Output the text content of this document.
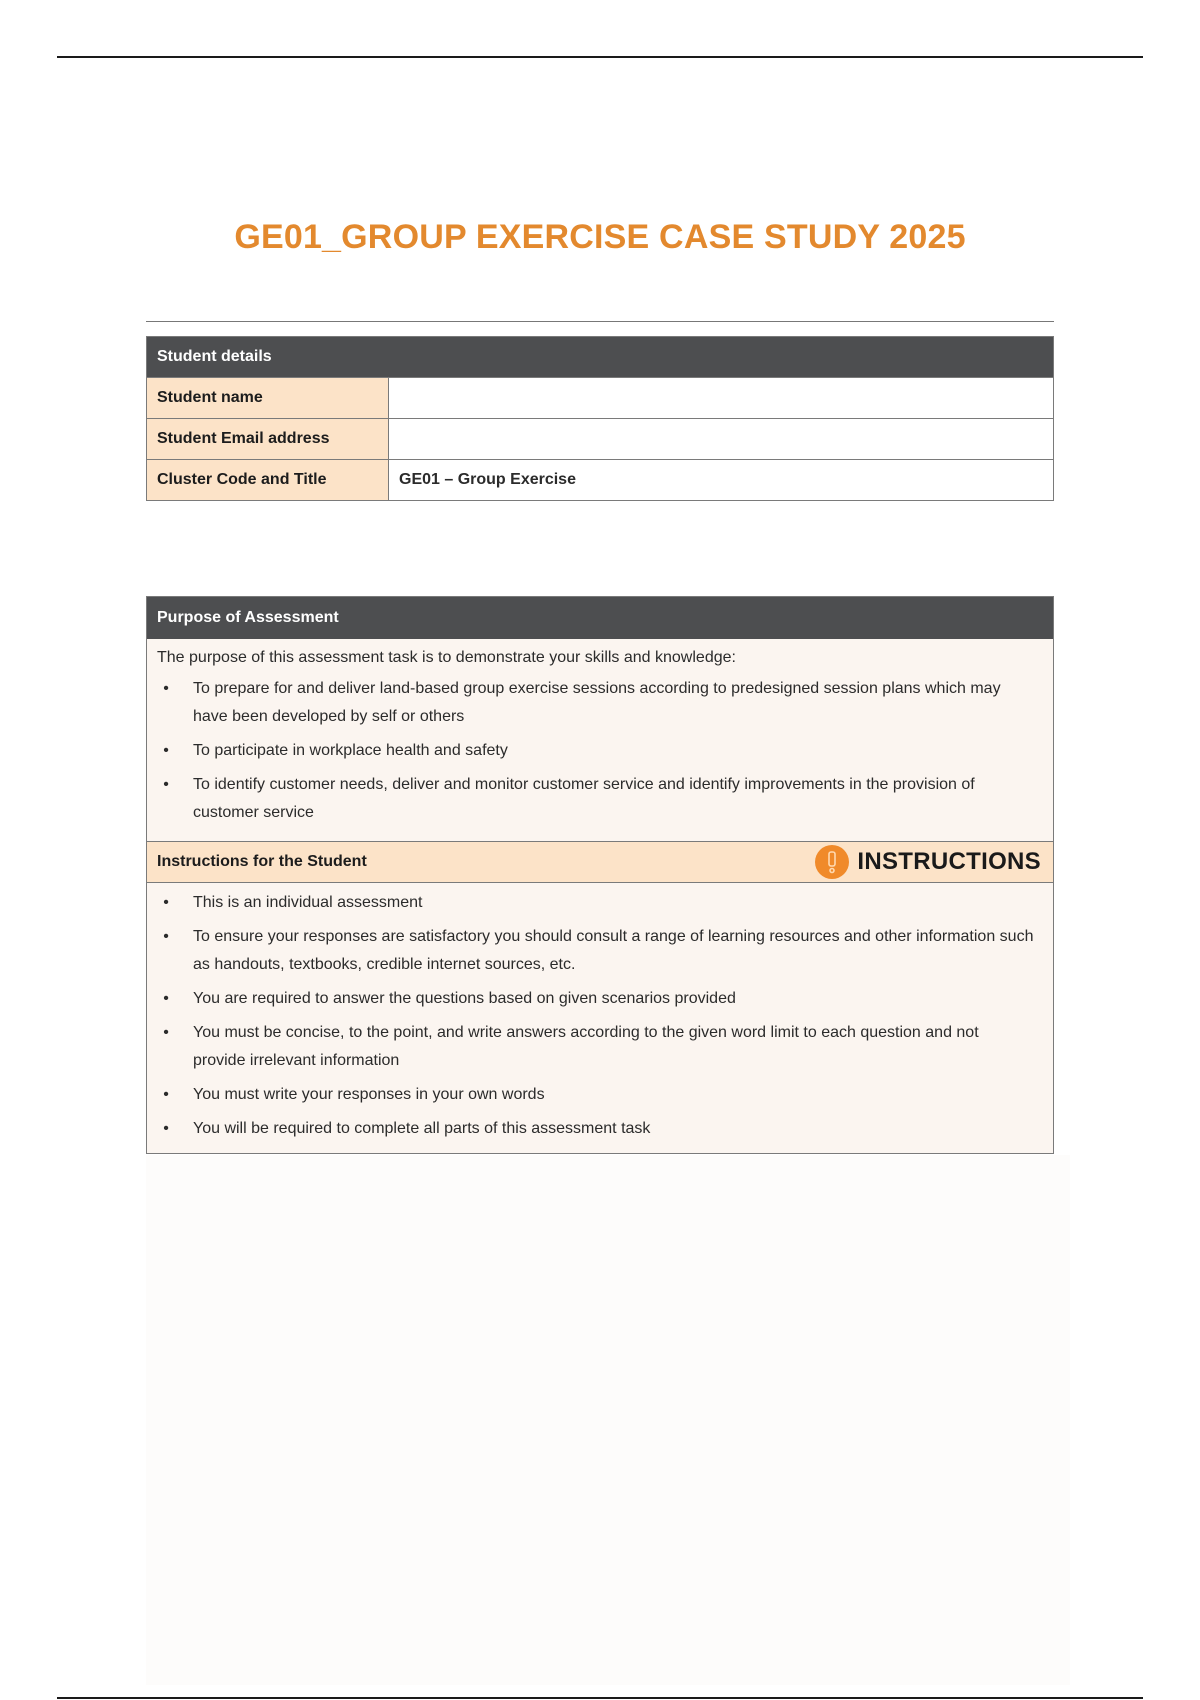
GE01_GROUP EXERCISE CASE STUDY 2025
Student details	
Student name	
Student Email address	
Cluster Code and Title	GE01 – Group Exercise
Purpose of Assessment
The purpose of this assessment task is to demonstrate your skills and knowledge:
• To prepare for and deliver land-based group exercise sessions according to predesigned session plans which may have been developed by self or others
• To participate in workplace health and safety
• To identify customer needs, deliver and monitor customer service and identify improvements in the provision of customer service
Instructions for the Student	INSTRUCTIONS
• This is an individual assessment
• To ensure your responses are satisfactory you should consult a range of learning resources and other information such as handouts, textbooks, credible internet sources, etc.
• You are required to answer the questions based on given scenarios provided
• You must be concise, to the point, and write answers according to the given word limit to each question and not provide irrelevant information
• You must write your responses in your own words
• You will be required to complete all parts of this assessment task
